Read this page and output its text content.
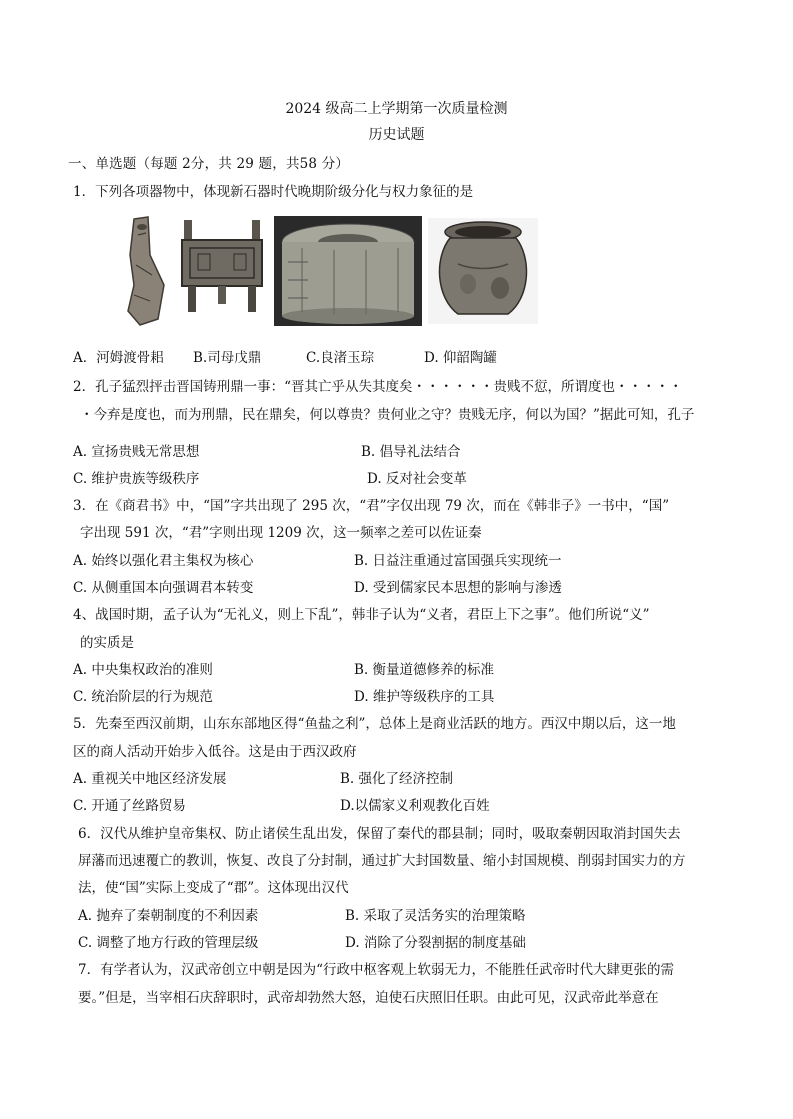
2024 级高二上学期第一次质量检测
历史试题
一、单选题（每题 2分，共 29 题，共58 分）
1．下列各项器物中，体现新石器时代晚期阶级分化与权力象征的是
A．河姆渡骨耜 B.司母戊鼎	C.良渚玉琮	D. 仰韶陶罐
2．孔子猛烈抨击晋国铸刑鼎一事：“晋其亡乎从失其度矣・・・・・・贵贱不愆，所谓度也・・・・・
・今弃是度也，而为刑鼎，民在鼎矣，何以尊贵？贵何业之守？贵贱无序，何以为国？”据此可知，孔子
A. 宣扬贵贱无常思想	B. 倡导礼法结合
C. 维护贵族等级秩序	D. 反对社会变革
3．在《商君书》中，“国”字共出现了 295 次，“君”字仅出现 79 次，而在《韩非子》一书中，“国”
字出现 591 次，“君”字则出现 1209 次，这一频率之差可以佐证秦
A. 始终以强化君主集权为核心	B. 日益注重通过富国强兵实现统一
C. 从侧重国本向强调君本转变	D. 受到儒家民本思想的影响与渗透
4、战国时期，孟子认为“无礼义，则上下乱”，韩非子认为“义者，君臣上下之事”。他们所说“义”
的实质是
A. 中央集权政治的准则	B. 衡量道德修养的标准
C. 统治阶层的行为规范	D. 维护等级秩序的工具
5．先秦至西汉前期，山东东部地区得“鱼盐之利”，总体上是商业活跃的地方。西汉中期以后，这一地
区的商人活动开始步入低谷。这是由于西汉政府
A. 重视关中地区经济发展	B. 强化了经济控制
C. 开通了丝路贸易	D.以儒家义利观教化百姓
6．汉代从维护皇帝集权、防止诸侯生乱出发，保留了秦代的郡县制；同时，吸取秦朝因取消封国失去
屏藩而迅速覆亡的教训，恢复、改良了分封制，通过扩大封国数量、缩小封国规模、削弱封国实力的方
法，使“国”实际上变成了“郡”。这体现出汉代
A. 抛弃了秦朝制度的不利因素	B. 采取了灵活务实的治理策略
C. 调整了地方行政的管理层级	D. 消除了分裂割据的制度基础
7．有学者认为，汉武帝创立中朝是因为“行政中枢客观上软弱无力，不能胜任武帝时代大肆更张的需
要。”但是，当宰相石庆辞职时，武帝却勃然大怒，迫使石庆照旧任职。由此可见，汉武帝此举意在
